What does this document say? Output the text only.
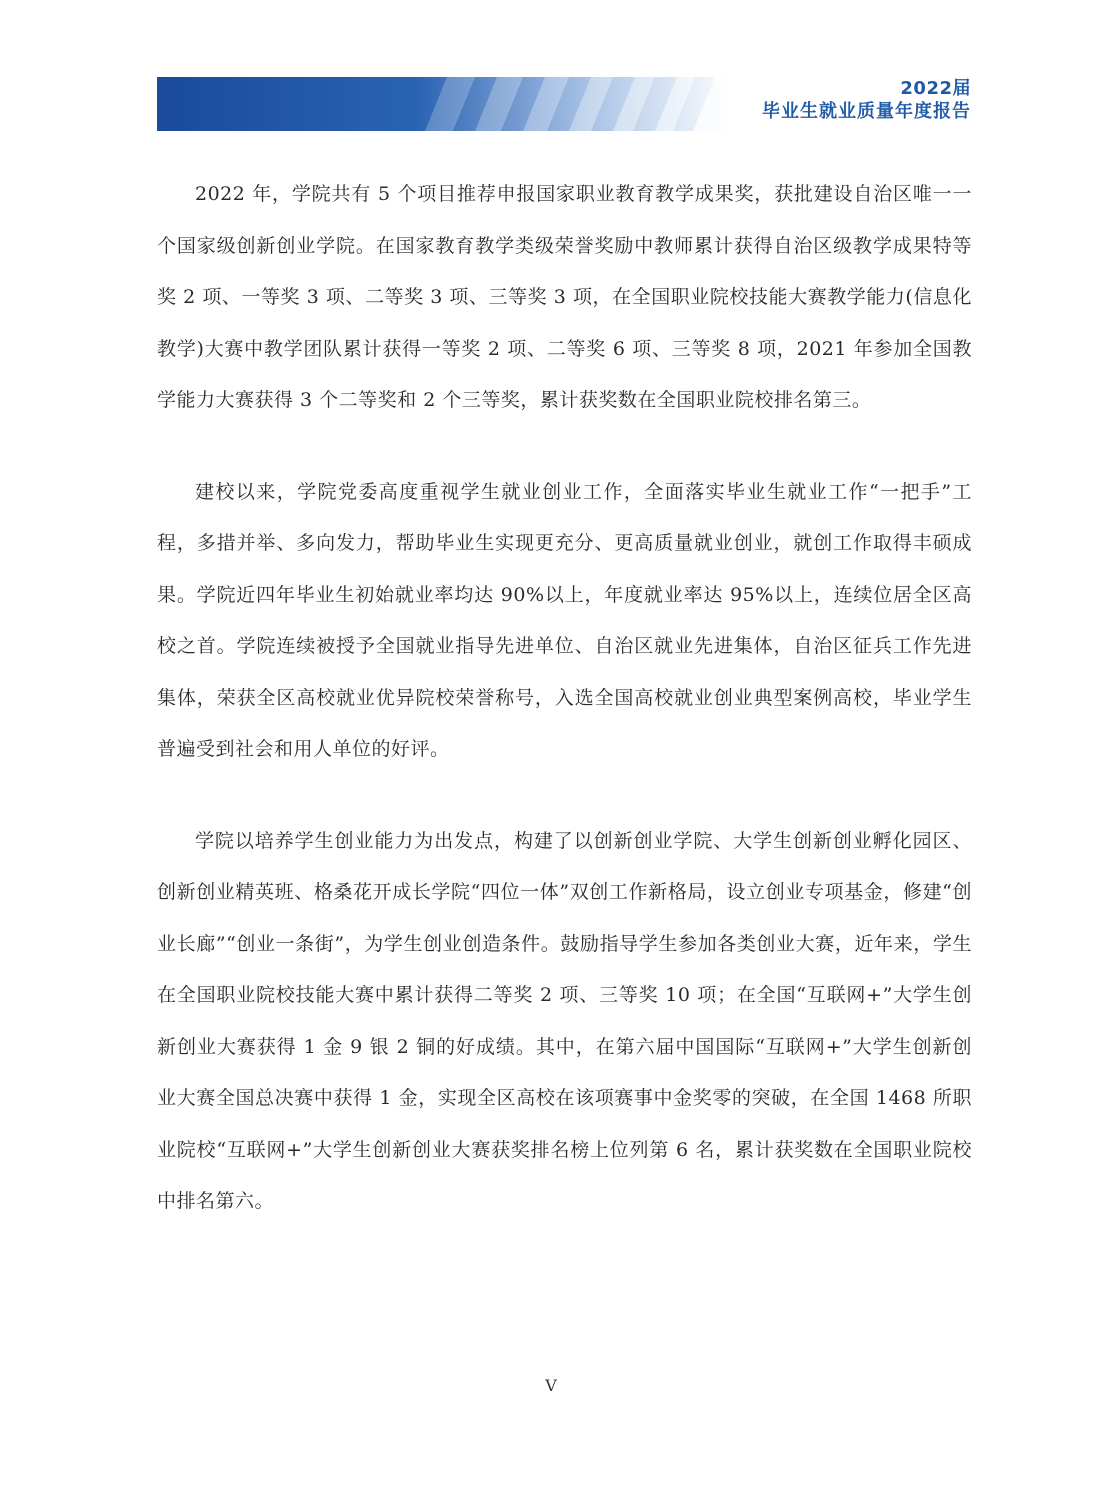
2022届
毕业生就业质量年度报告

2022 年，学院共有 5 个项目推荐申报国家职业教育教学成果奖，获批建设自治区唯一一个国家级创新创业学院。在国家教育教学类级荣誉奖励中教师累计获得自治区级教学成果特等奖 2 项、一等奖 3 项、二等奖 3 项、三等奖 3 项，在全国职业院校技能大赛教学能力(信息化教学)大赛中教学团队累计获得一等奖 2 项、二等奖 6 项、三等奖 8 项，2021 年参加全国教学能力大赛获得 3 个二等奖和 2 个三等奖，累计获奖数在全国职业院校排名第三。

建校以来，学院党委高度重视学生就业创业工作，全面落实毕业生就业工作“一把手”工程，多措并举、多向发力，帮助毕业生实现更充分、更高质量就业创业，就创工作取得丰硕成果。学院近四年毕业生初始就业率均达 90%以上，年度就业率达 95%以上，连续位居全区高校之首。学院连续被授予全国就业指导先进单位、自治区就业先进集体，自治区征兵工作先进集体，荣获全区高校就业优异院校荣誉称号，入选全国高校就业创业典型案例高校，毕业学生普遍受到社会和用人单位的好评。

学院以培养学生创业能力为出发点，构建了以创新创业学院、大学生创新创业孵化园区、创新创业精英班、格桑花开成长学院“四位一体”双创工作新格局，设立创业专项基金，修建“创业长廊”“创业一条街”，为学生创业创造条件。鼓励指导学生参加各类创业大赛，近年来，学生在全国职业院校技能大赛中累计获得二等奖 2 项、三等奖 10 项；在全国“互联网+”大学生创新创业大赛获得 1 金 9 银 2 铜的好成绩。其中，在第六届中国国际“互联网+”大学生创新创业大赛全国总决赛中获得 1 金，实现全区高校在该项赛事中金奖零的突破，在全国 1468 所职业院校“互联网+”大学生创新创业大赛获奖排名榜上位列第 6 名，累计获奖数在全国职业院校中排名第六。

V
